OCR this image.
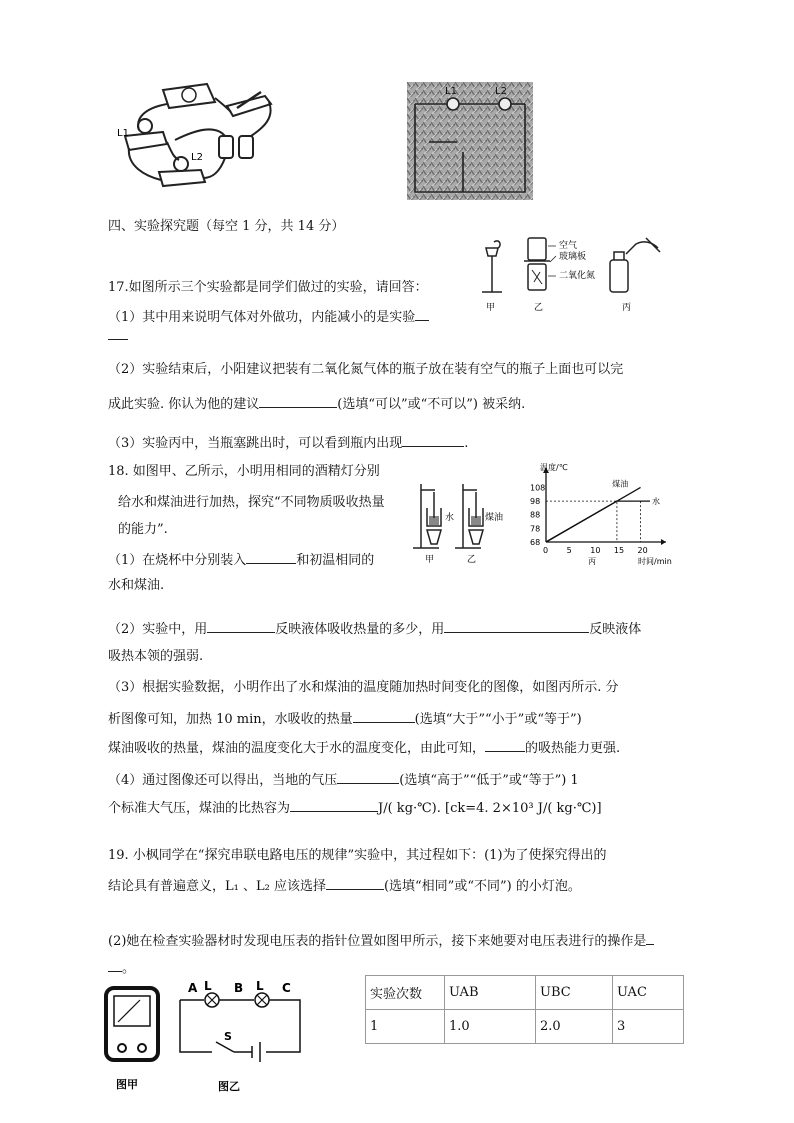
L1
L2
L1	L2
四、实验探究题（每空 1 分，共 14 分）
空气
玻璃板
二氧化氮
甲	乙	丙
17.如图所示三个实验都是同学们做过的实验，请回答：
（1）其中用来说明气体对外做功，内能减小的是实验
（2）实验结束后，小阳建议把装有二氧化氮气体的瓶子放在装有空气的瓶子上面也可以完
成此实验. 你认为他的建议	(选填“可以”或“不可以”) 被采纳.
（3）实验丙中，当瓶塞跳出时，可以看到瓶内出现	.
水	煤油
甲	乙
0 5 10 15 20
68
78
88
98
108
温度/℃
时间/min
丙
煤油
水
18. 如图甲、乙所示，小明用相同的酒精灯分别
给水和煤油进行加热，探究“不同物质吸收热量
的能力”.
（1）在烧杯中分别装入	和初温相同的
水和煤油.
（2）实验中，用	反映液体吸收热量的多少，用	反映液体
吸热本领的强弱.
（3）根据实验数据，小明作出了水和煤油的温度随加热时间变化的图像，如图丙所示. 分
析图像可知，加热 10 min，水吸收的热量	(选填“大于”“小于”或“等于”)
煤油吸收的热量，煤油的温度变化大于水的温度变化，由此可知，	的吸热能力更强.
（4）通过图像还可以得出，当地的气压	(选填“高于”“低于”或“等于”) 1
个标准大气压，煤油的比热容为	J/( kg·℃). [ck=4. 2×10³ J/( kg·℃)]
19. 小枫同学在“探究串联电路电压的规律”实验中，其过程如下：(1)为了使探究得出的
结论具有普遍意义，L₁ 、L₂ 应该选择	(选填“相同”或“不同”) 的小灯泡。
(2)她在检查实验器材时发现电压表的指针位置如图甲所示，接下来她要对电压表进行的操作是
。
A L B L C
S
图甲	图乙
实验次数	UAB	UBC	UAC
1	1.0	2.0	3
